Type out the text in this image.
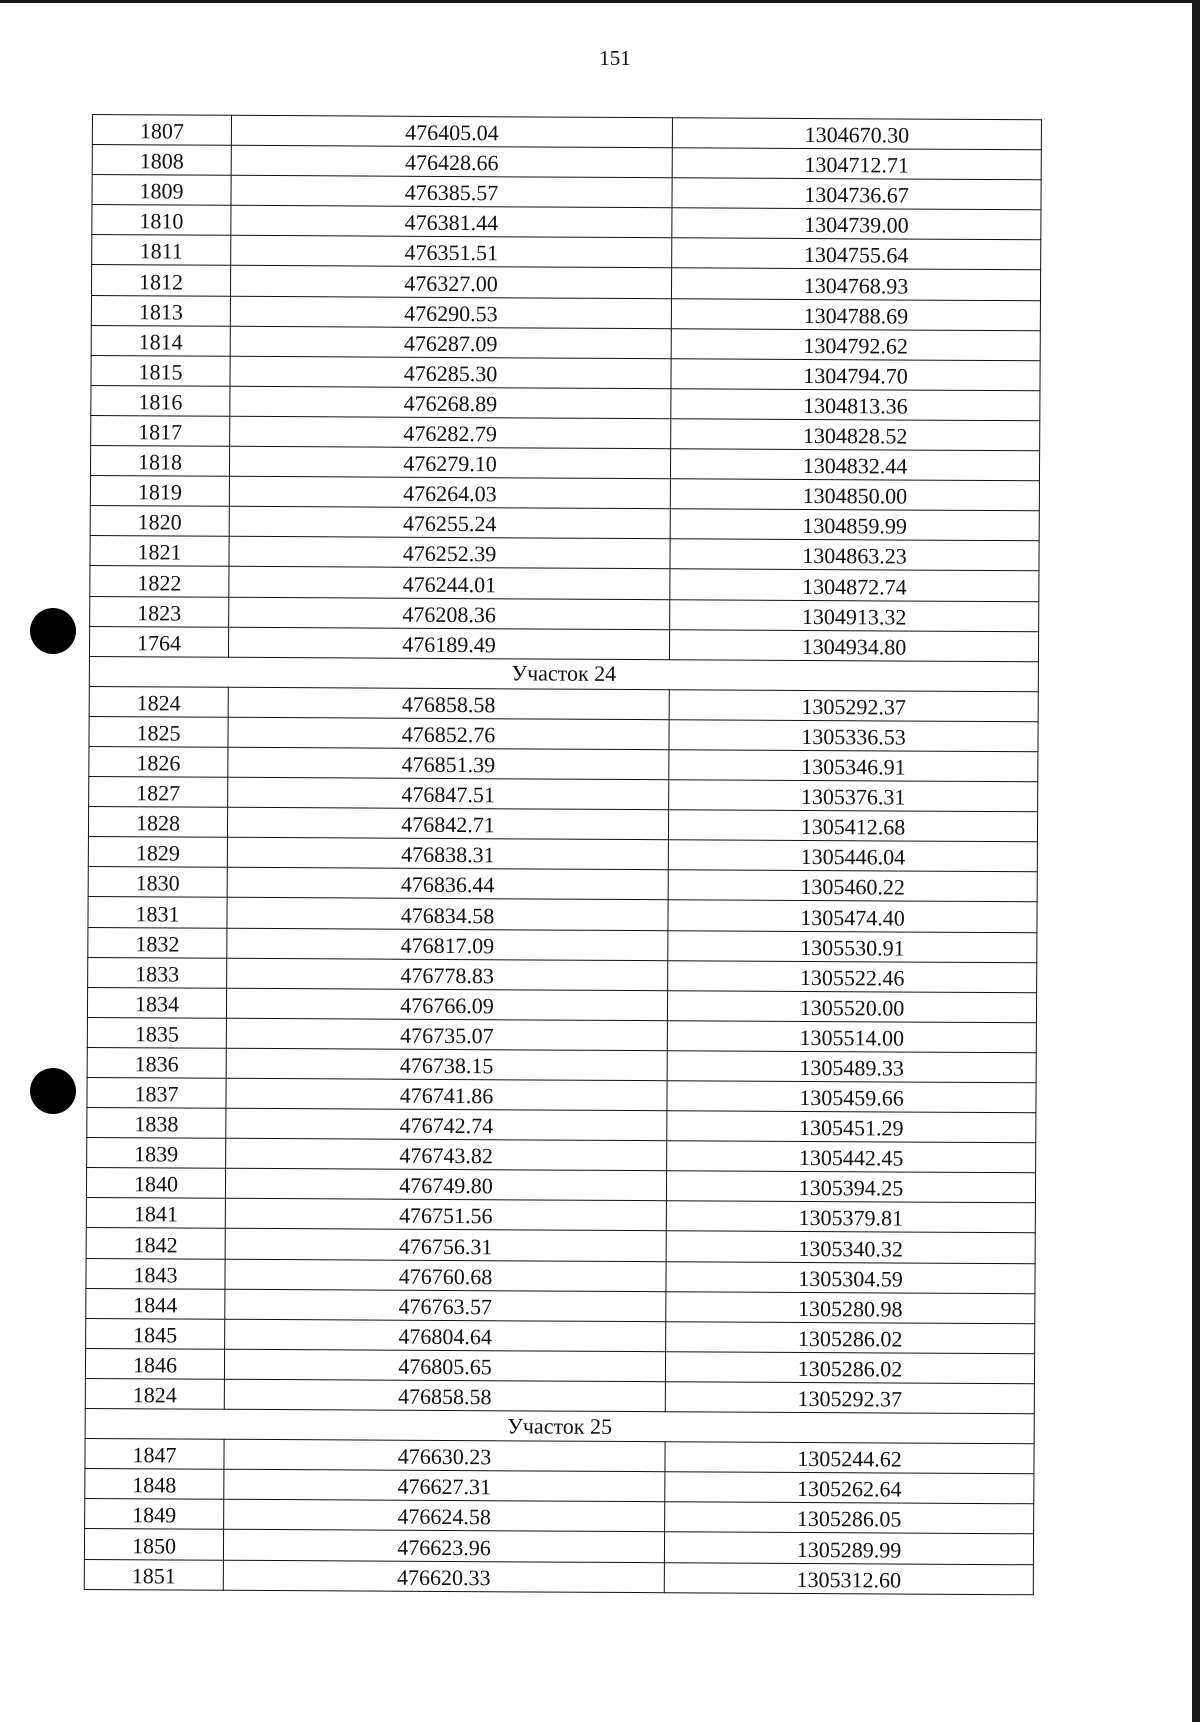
151
1807	476405.04	1304670.30
1808	476428.66	1304712.71
1809	476385.57	1304736.67
1810	476381.44	1304739.00
1811	476351.51	1304755.64
1812	476327.00	1304768.93
1813	476290.53	1304788.69
1814	476287.09	1304792.62
1815	476285.30	1304794.70
1816	476268.89	1304813.36
1817	476282.79	1304828.52
1818	476279.10	1304832.44
1819	476264.03	1304850.00
1820	476255.24	1304859.99
1821	476252.39	1304863.23
1822	476244.01	1304872.74
1823	476208.36	1304913.32
1764	476189.49	1304934.80
Участок 24		
1824	476858.58	1305292.37
1825	476852.76	1305336.53
1826	476851.39	1305346.91
1827	476847.51	1305376.31
1828	476842.71	1305412.68
1829	476838.31	1305446.04
1830	476836.44	1305460.22
1831	476834.58	1305474.40
1832	476817.09	1305530.91
1833	476778.83	1305522.46
1834	476766.09	1305520.00
1835	476735.07	1305514.00
1836	476738.15	1305489.33
1837	476741.86	1305459.66
1838	476742.74	1305451.29
1839	476743.82	1305442.45
1840	476749.80	1305394.25
1841	476751.56	1305379.81
1842	476756.31	1305340.32
1843	476760.68	1305304.59
1844	476763.57	1305280.98
1845	476804.64	1305286.02
1846	476805.65	1305286.02
1824	476858.58	1305292.37
Участок 25		
1847	476630.23	1305244.62
1848	476627.31	1305262.64
1849	476624.58	1305286.05
1850	476623.96	1305289.99
1851	476620.33	1305312.60
